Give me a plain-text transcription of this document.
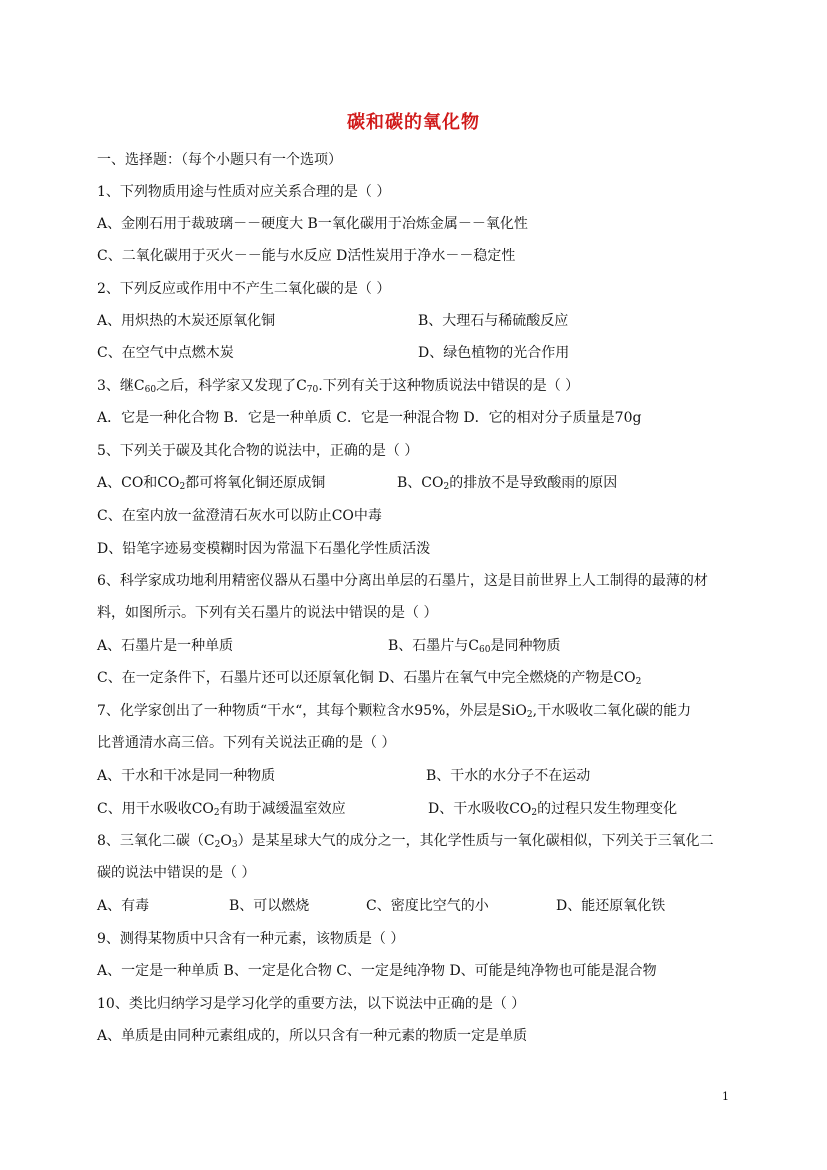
碳和碳的氧化物
一、选择题：（每个小题只有一个选项）
1、下列物质用途与性质对应关系合理的是（ ）
A、金刚石用于裁玻璃－－硬度大 B一氧化碳用于冶炼金属－－氧化性
C、二氧化碳用于灭火－－能与水反应 D活性炭用于净水－－稳定性
2、下列反应或作用中不产生二氧化碳的是（ ）
A、用炽热的木炭还原氧化铜	B、大理石与稀硫酸反应
C、在空气中点燃木炭	D、绿色植物的光合作用
3、继$C_{60}$之后，科学家又发现了$C_{70}$.下列有关于这种物质说法中错误的是（ ）
A．它是一种化合物 B．它是一种单质 C．它是一种混合物 D．它的相对分子质量是70g
5、下列关于碳及其化合物的说法中，正确的是（ ）
A、CO和$CO_2$都可将氧化铜还原成铜	B、$CO_2$的排放不是导致酸雨的原因
C、在室内放一盆澄清石灰水可以防止CO中毒
D、铅笔字迹易变模糊时因为常温下石墨化学性质活泼
6、科学家成功地利用精密仪器从石墨中分离出单层的石墨片，这是目前世界上人工制得的最薄的材
料，如图所示。下列有关石墨片的说法中错误的是（ ）
A、石墨片是一种单质	B、石墨片与$C_{60}$是同种物质
C、在一定条件下，石墨片还可以还原氧化铜 D、石墨片在氧气中完全燃烧的产物是$CO_2$
7、化学家创出了一种物质“干水“，其每个颗粒含水95%，外层是SiO$_2$,干水吸收二氧化碳的能力
比普通清水高三倍。下列有关说法正确的是（ ）
A、干水和干冰是同一种物质	B、干水的水分子不在运动
C、用干水吸收$CO_2$有助于减缓温室效应	D、干水吸收$CO_2$的过程只发生物理变化
8、三氧化二碳$(C_2O_3)$是某星球大气的成分之一，其化学性质与一氧化碳相似，下列关于三氧化二
碳的说法中错误的是（ ）
A、有毒	B、可以燃烧	C、密度比空气的小	D、能还原氧化铁
9、测得某物质中只含有一种元素，该物质是（ ）
A、一定是一种单质 B、一定是化合物 C、一定是纯净物 D、可能是纯净物也可能是混合物
10、类比归纳学习是学习化学的重要方法，以下说法中正确的是（ ）
A、单质是由同种元素组成的，所以只含有一种元素的物质一定是单质
1
